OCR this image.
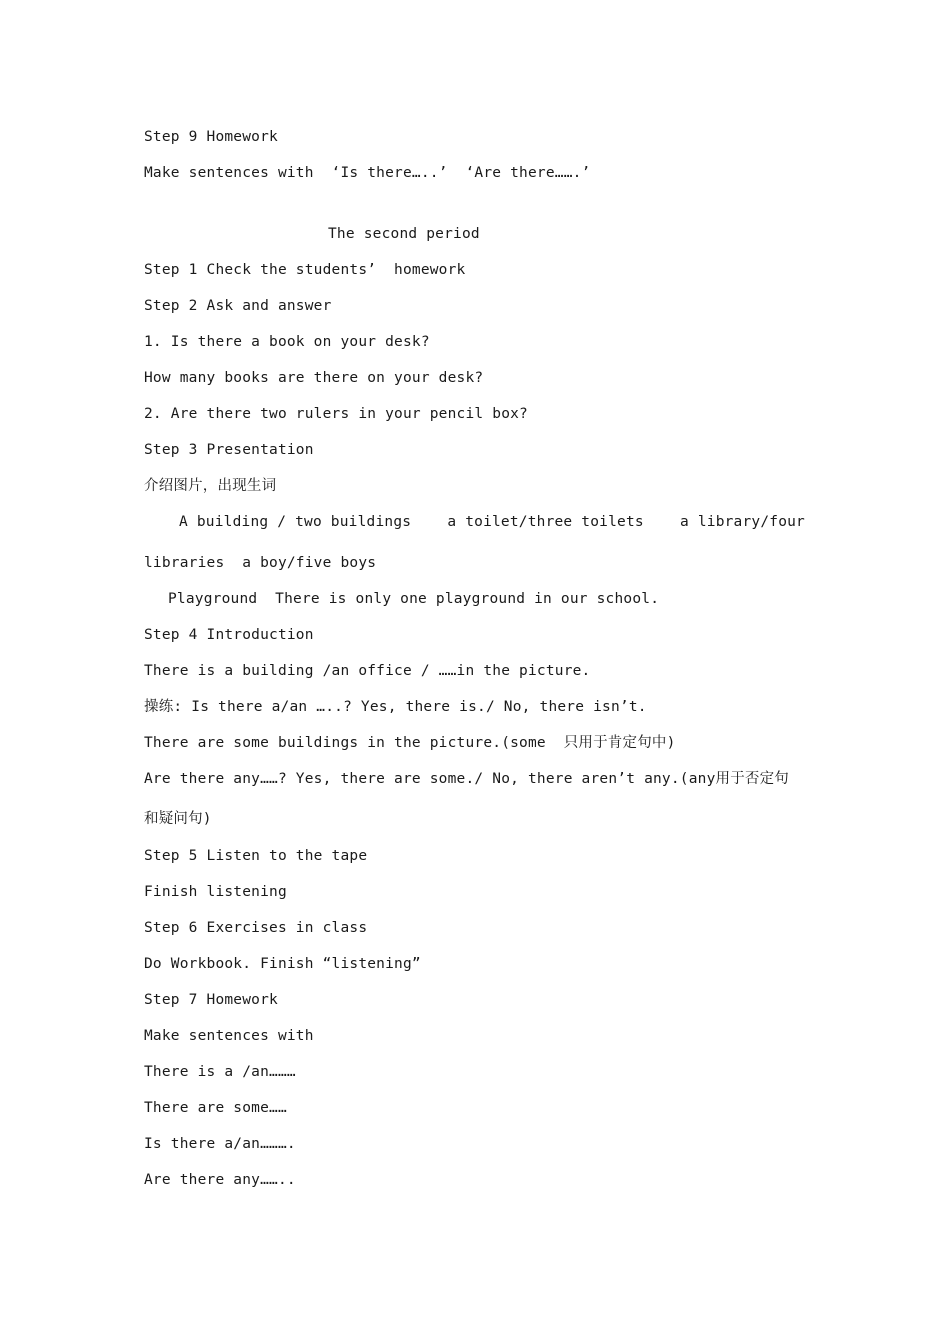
Step 9 Homework
Make sentences with  ‘Is there…..’  ‘Are there…….’
The second period
Step 1 Check the students’  homework
Step 2 Ask and answer
1. Is there a book on your desk?
How many books are there on your desk?
2. Are there two rulers in your pencil box?
Step 3 Presentation
介绍图片，出现生词
A building / two buildings a toilet/three toilets a library/four
libraries  a boy/five boys
Playground  There is only one playground in our school.
Step 4 Introduction
There is a building /an office / ……in the picture.
操练: Is there a/an …..? Yes, there is./ No, there isn’t.
There are some buildings in the picture.(some  只用于肯定句中)
Are there any……? Yes, there are some./ No, there aren’t any.(any用于否定句
和疑问句)
Step 5 Listen to the tape
Finish listening
Step 6 Exercises in class
Do Workbook. Finish “listening”
Step 7 Homework
Make sentences with
There is a /an………
There are some……
Is there a/an……….
Are there any……..
